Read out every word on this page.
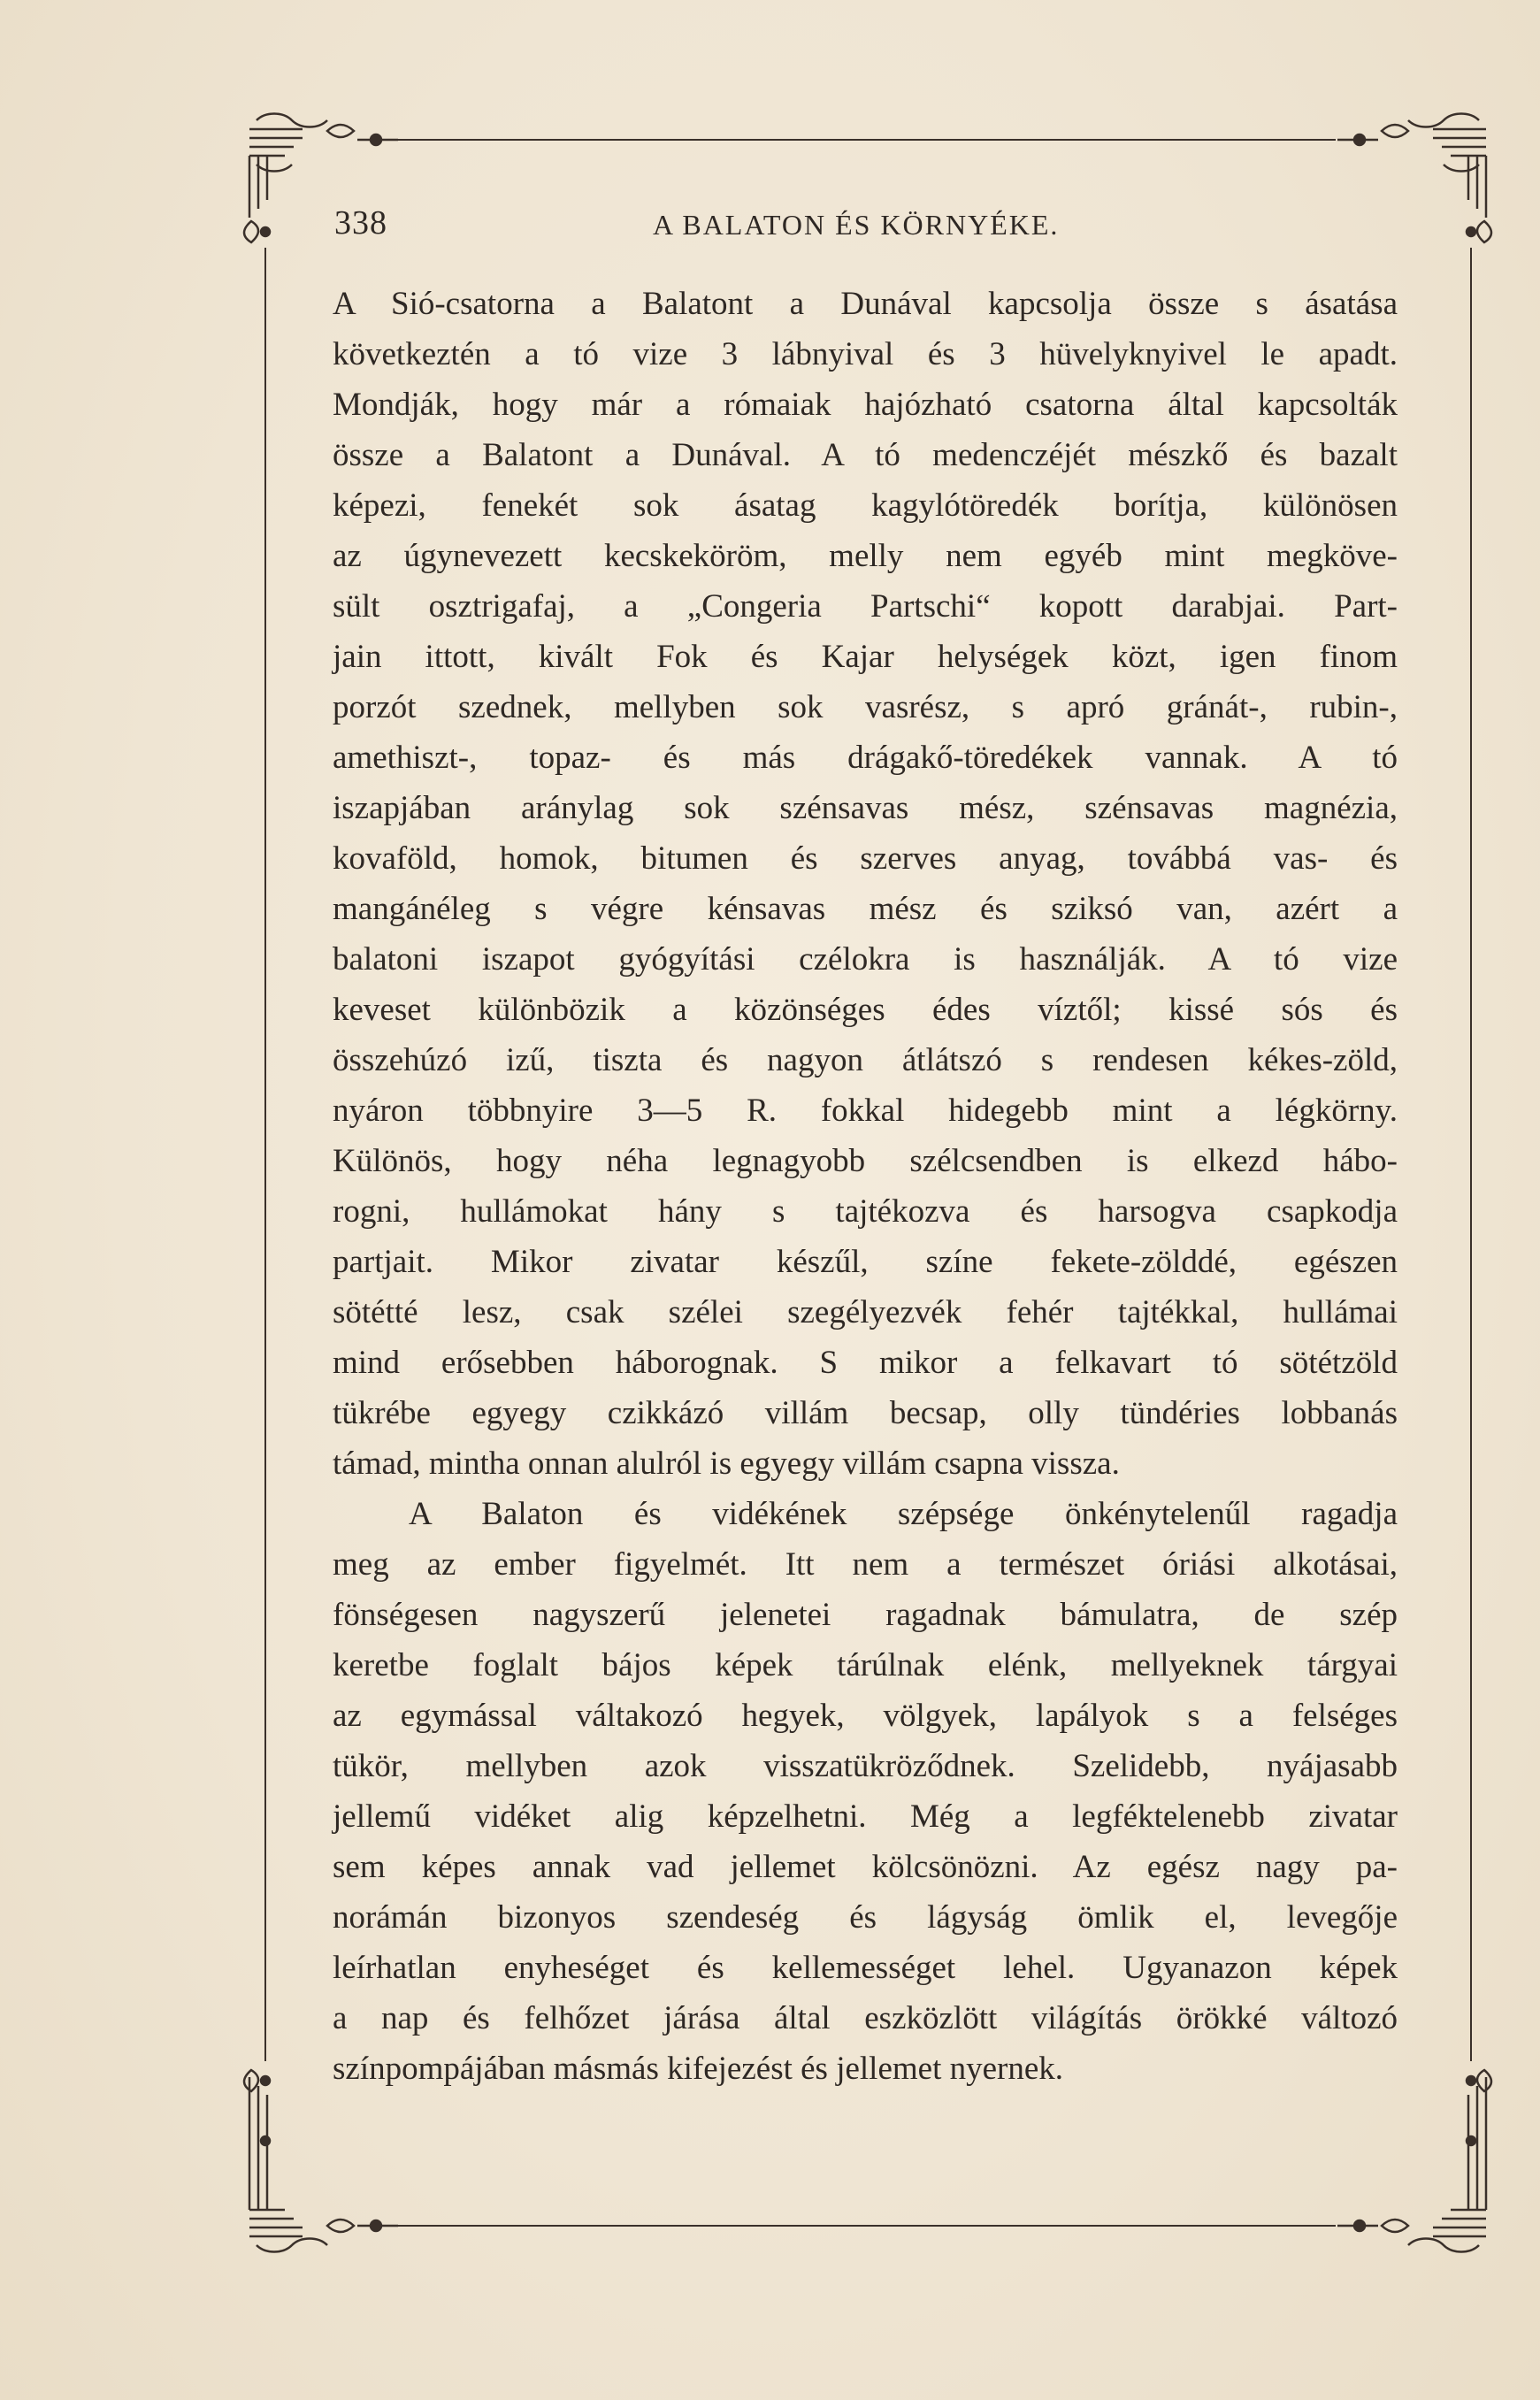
338	A BALATON ÉS KÖRNYÉKE.
A Sió-csatorna a Balatont a Dunával kapcsolja össze s ásatása
következtén a tó vize 3 lábnyival és 3 hüvelyknyivel le apadt.
Mondják, hogy már a rómaiak hajózható csatorna által kapcsolták
össze a Balatont a Dunával. A tó medenczéjét mészkő és bazalt
képezi, fenekét sok ásatag kagylótöredék borítja, különösen
az úgynevezett kecskeköröm, melly nem egyéb mint megköve-
sült osztrigafaj, a „Congeria Partschi“ kopott darabjai. Part-
jain ittott, kivált Fok és Kajar helységek közt, igen finom
porzót szednek, mellyben sok vasrész, s apró gránát-, rubin-,
amethiszt-, topaz- és más drágakő-töredékek vannak. A tó
iszapjában aránylag sok szénsavas mész, szénsavas magnézia,
kovaföld, homok, bitumen és szerves anyag, továbbá vas- és
mangánéleg s végre kénsavas mész és sziksó van, azért a
balatoni iszapot gyógyítási czélokra is használják. A tó vize
keveset különbözik a közönséges édes víztől; kissé sós és
összehúzó izű, tiszta és nagyon átlátszó s rendesen kékes-zöld,
nyáron többnyire 3—5 R. fokkal hidegebb mint a légkörny.
Különös, hogy néha legnagyobb szélcsendben is elkezd hábo-
rogni, hullámokat hány s tajtékozva és harsogva csapkodja
partjait. Mikor zivatar készűl, színe fekete-zölddé, egészen
sötétté lesz, csak szélei szegélyezvék fehér tajtékkal, hullámai
mind erősebben háborognak. S mikor a felkavart tó sötétzöld
tükrébe egyegy czikkázó villám becsap, olly tündéries lobbanás
támad, mintha onnan alulról is egyegy villám csapna vissza.
A Balaton és vidékének szépsége önkénytelenűl ragadja
meg az ember figyelmét. Itt nem a természet óriási alkotásai,
fönségesen nagyszerű jelenetei ragadnak bámulatra, de szép
keretbe foglalt bájos képek tárúlnak elénk, mellyeknek tárgyai
az egymással váltakozó hegyek, völgyek, lapályok s a felséges
tükör, mellyben azok visszatükröződnek. Szelidebb, nyájasabb
jellemű vidéket alig képzelhetni. Még a legféktelenebb zivatar
sem képes annak vad jellemet kölcsönözni. Az egész nagy pa-
norámán bizonyos szendeség és lágyság ömlik el, levegője
leírhatlan enyheséget és kellemességet lehel. Ugyanazon képek
a nap és felhőzet járása által eszközlött világítás örökké változó
színpompájában másmás kifejezést és jellemet nyernek.
